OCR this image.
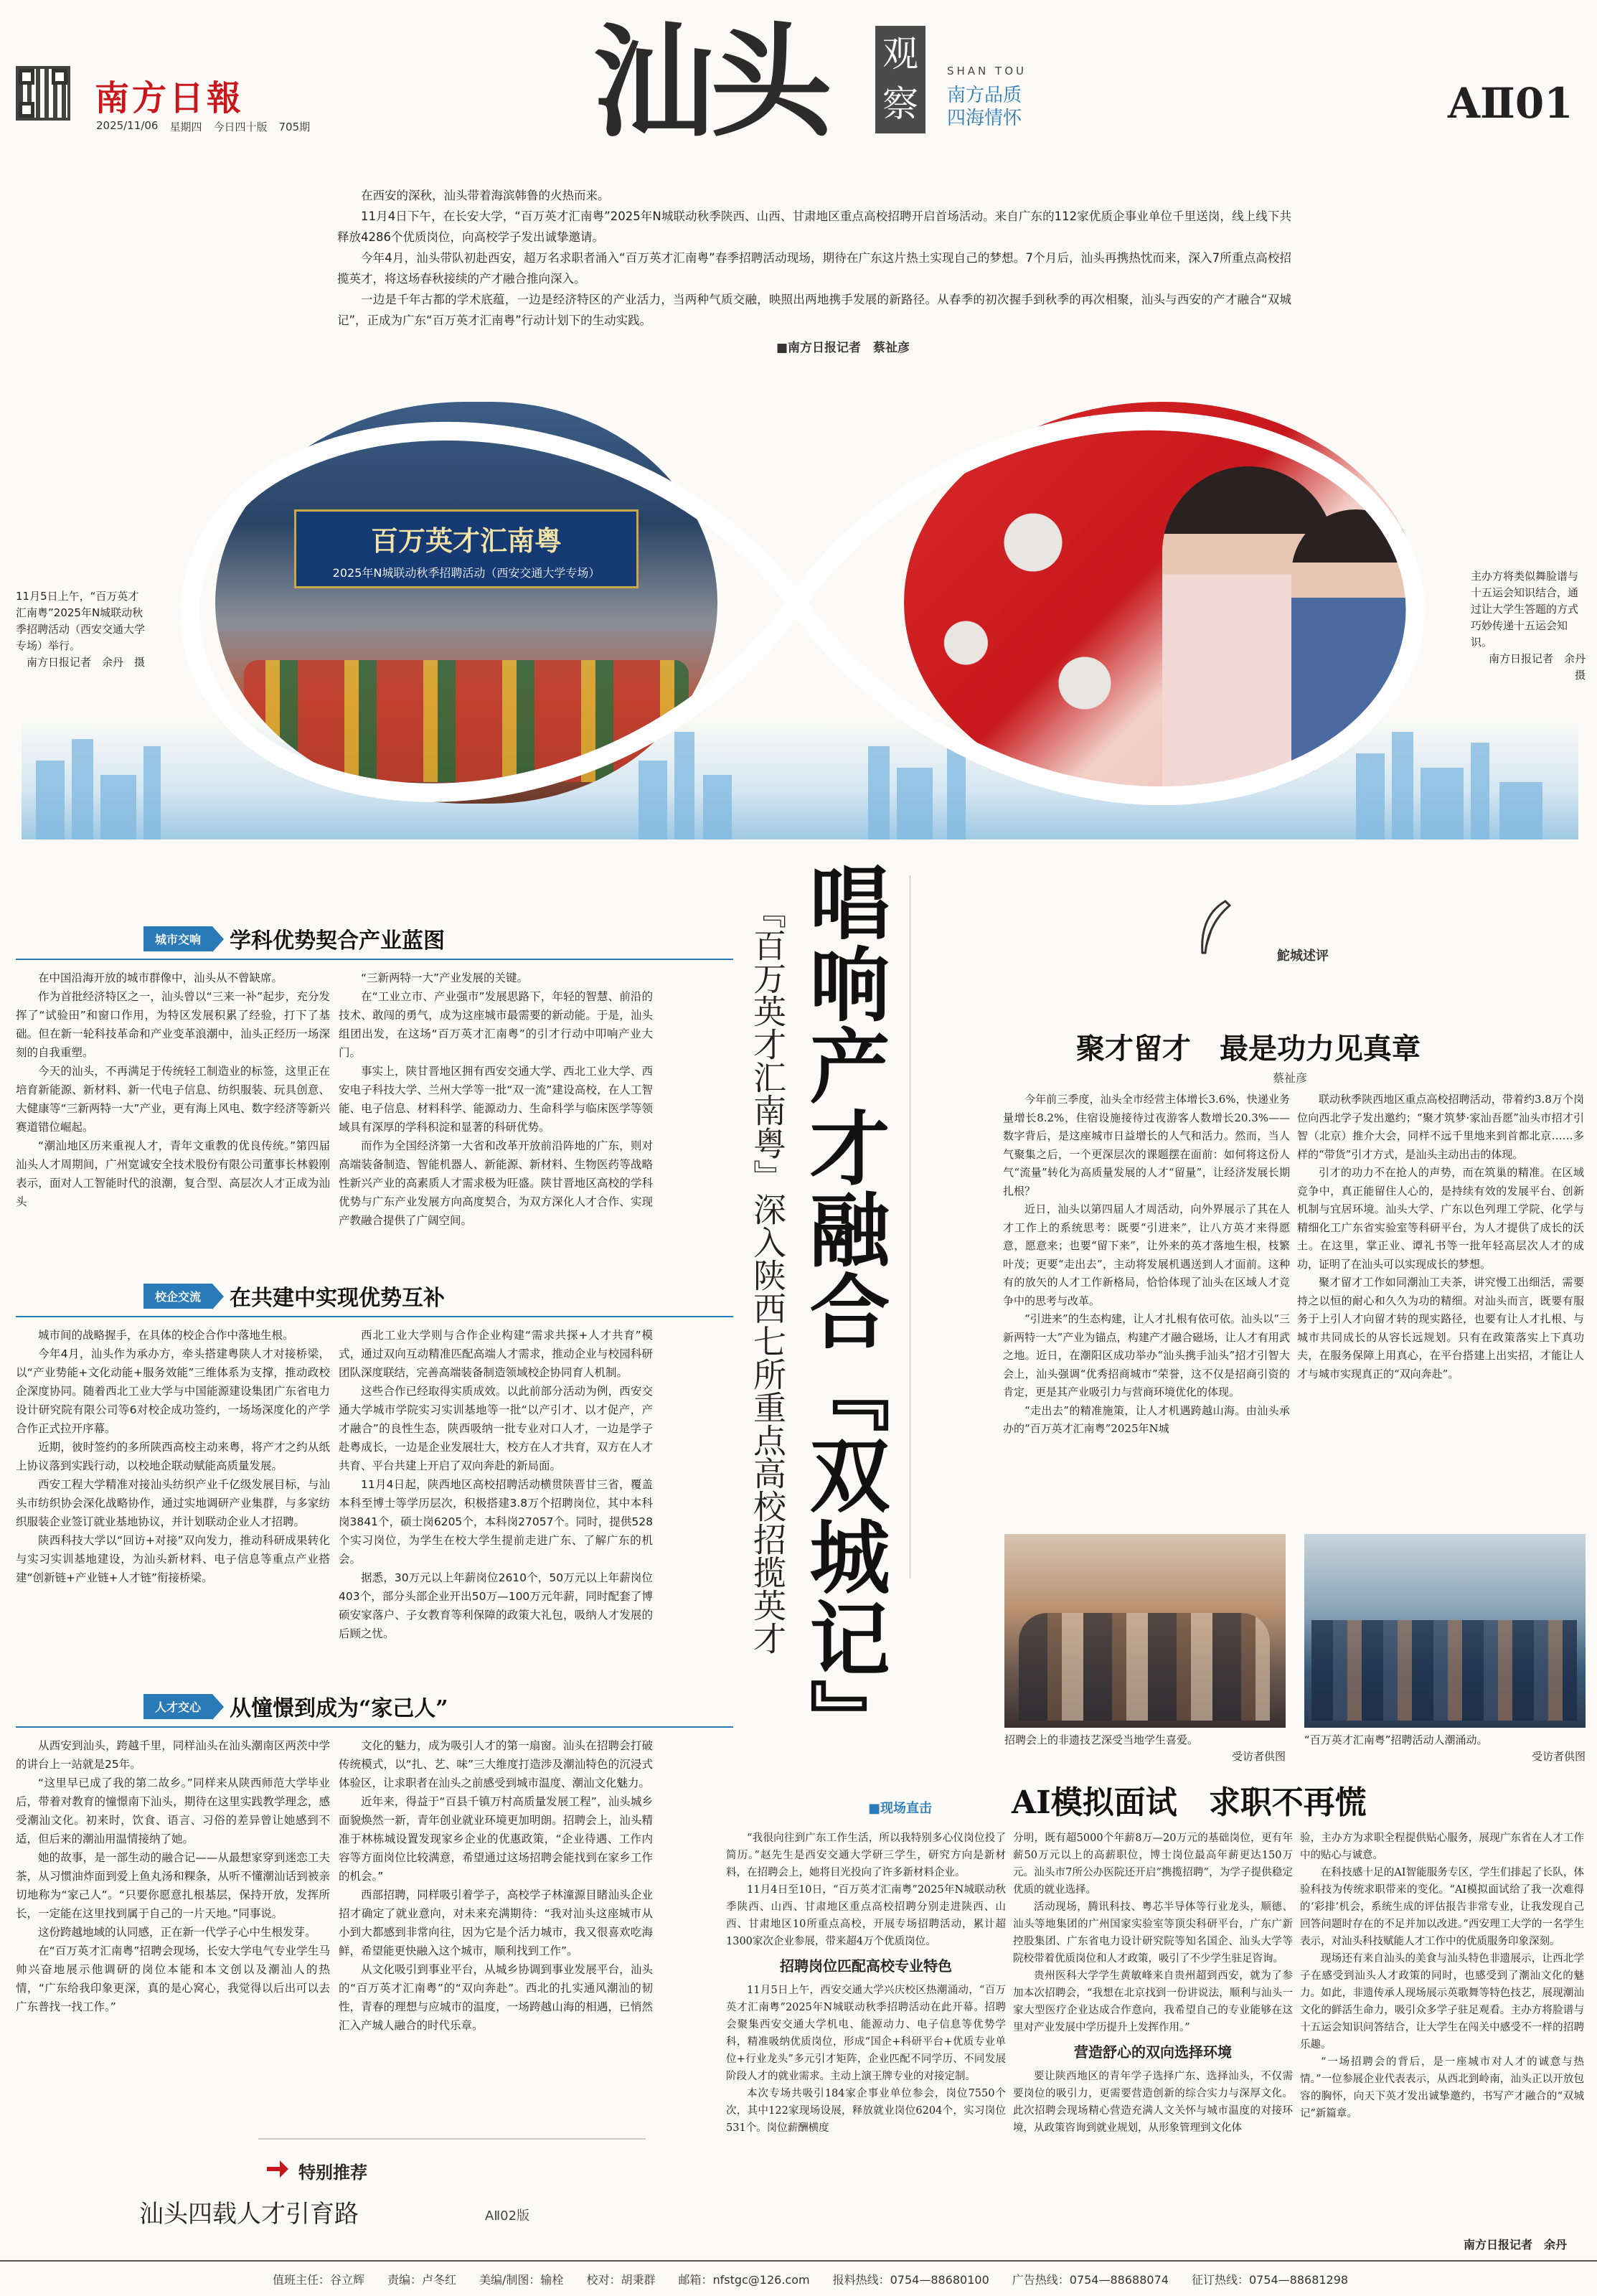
南方日報
2025/11/06 星期四 今日四十版 705期 汕头 观
察
SHAN TOU
南方品质
四海情怀	AⅡ01

在西安的深秋，汕头带着海滨韩鲁的火热而来。

11月4日下午，在长安大学，“百万英才汇南粤”2025年N城联动秋季陕西、山西、甘肃地区重点高校招聘开启首场活动。来自广东的112家优质企事业单位千里送岗，线上线下共释放4286个优质岗位，向高校学子发出诚挚邀请。

今年4月，汕头带队初赴西安，超万名求职者涌入“百万英才汇南粤”春季招聘活动现场，期待在广东这片热土实现自己的梦想。7个月后，汕头再携热忱而来，深入7所重点高校招揽英才，将这场春秋接续的产才融合推向深入。

一边是千年古都的学术底蕴，一边是经济特区的产业活力，当两种气质交融，映照出两地携手发展的新路径。从春季的初次握手到秋季的再次相聚，汕头与西安的产才融合“双城记”，正成为广东“百万英才汇南粤”行动计划下的生动实践。

■南方日报记者　蔡祉彦
百万英才汇南粤
2025年N城联动秋季招聘活动（西安交通大学专场）
11月5日上午，“百万英才汇南粤”2025年N城联动秋季招聘活动（西安交通大学专场）举行。
南方日报记者　余丹　摄
主办方将类似舞脸谱与十五运会知识结合，通过让大学生答题的方式巧妙传递十五运会知识。
南方日报记者　余丹　摄
唱响产才融合『双城记』
『百万英才汇南粤』深入陕西七所重点高校招揽英才
城市交响	学科优势契合产业蓝图

在中国沿海开放的城市群像中，汕头从不曾缺席。

作为首批经济特区之一，汕头曾以“三来一补”起步，充分发挥了“试验田”和窗口作用，为特区发展积累了经验，打下了基础。但在新一轮科技革命和产业变革浪潮中，汕头正经历一场深刻的自我重塑。

今天的汕头，不再满足于传统轻工制造业的标签，这里正在培育新能源、新材料、新一代电子信息、纺织服装、玩具创意、大健康等“三新两特一大”产业，更有海上风电、数字经济等新兴赛道错位崛起。

“潮汕地区历来重视人才，青年文重教的优良传统。”第四届汕头人才周期间，广州宽诚安全技术股份有限公司董事长林毅刚表示，面对人工智能时代的浪潮，复合型、高层次人才正成为汕头

“三新两特一大”产业发展的关键。

在“工业立市、产业强市”发展思路下，年轻的智慧、前沿的技术、敢闯的勇气，成为这座城市最需要的新动能。于是，汕头组团出发，在这场“百万英才汇南粤”的引才行动中叩响产业大门。

事实上，陕甘晋地区拥有西安交通大学、西北工业大学、西安电子科技大学、兰州大学等一批“双一流”建设高校，在人工智能、电子信息、材料科学、能源动力、生命科学与临床医学等领域具有深厚的学科积淀和显著的科研优势。

而作为全国经济第一大省和改革开放前沿阵地的广东，则对高端装备制造、智能机器人、新能源、新材料、生物医药等战略性新兴产业的高素质人才需求极为旺盛。陕甘晋地区高校的学科优势与广东产业发展方向高度契合，为双方深化人才合作、实现产教融合提供了广阔空间。

校企交流	在共建中实现优势互补

城市间的战略握手，在具体的校企合作中落地生根。

今年4月，汕头作为承办方，牵头搭建粤陕人才对接桥梁，以“产业势能+文化动能+服务效能”三维体系为支撑，推动政校企深度协同。随着西北工业大学与中国能源建设集团广东省电力设计研究院有限公司等6对校企成功签约，一场场深度化的产学合作正式拉开序幕。

近期，彼时签约的多所陕西高校主动来粤，将产才之约从纸上协议落到实践行动，以校地企联动赋能高质量发展。

西安工程大学精准对接汕头纺织产业千亿级发展目标，与汕头市纺织协会深化战略协作，通过实地调研产业集群，与多家纺织服装企业签订就业基地协议，并计划联动企业人才招聘。

陕西科技大学以“回访+对接”双向发力，推动科研成果转化与实习实训基地建设，为汕头新材料、电子信息等重点产业搭建“创新链+产业链+人才链”衔接桥梁。

西北工业大学则与合作企业构建“需求共探+人才共育”模式，通过双向互动精准匹配高端人才需求，推动企业与校园科研团队深度联结，完善高端装备制造领域校企协同育人机制。

这些合作已经取得实质成效。以此前部分活动为例，西安交通大学城市学院实习实训基地等一批“以产引才、以才促产，产才融合”的良性生态，陕西吸纳一批专业对口人才，一边是学子赴粤成长，一边是企业发展壮大，校方在人才共育，双方在人才共育、平台共建上开启了双向奔赴的新局面。

11月4日起，陕西地区高校招聘活动横贯陕晋甘三省，覆盖本科至博士等学历层次，积极搭建3.8万个招聘岗位，其中本科岗3841个，硕士岗6205个，本科岗27057个。同时，提供528个实习岗位，为学生在校大学生提前走进广东、了解广东的机会。

据悉，30万元以上年薪岗位2610个，50万元以上年薪岗位403个，部分头部企业开出50万—100万元年薪，同时配套了博硕安家落户、子女教育等利保障的政策大礼包，吸纳人才发展的后顾之忧。

人才交心	从憧憬到成为“家己人”

从西安到汕头，跨越千里，同样汕头在汕头潮南区两茨中学的讲台上一站就是25年。

“这里早已成了我的第二故乡。”同样来从陕西师范大学毕业后，带着对教育的憧憬南下汕头，期待在这里实践教学理念，感受潮汕文化。初来时，饮食、语言、习俗的差异曾让她感到不适，但后来的潮汕用温情接纳了她。

她的故事，是一部生动的融合记——从最想家穿到迷恋工夫茶，从习惯油炸面到爱上鱼丸汤和粿条，从听不懂潮汕话到被亲切地称为“家己人”。“只要你愿意扎根基层，保持开放，发挥所长，一定能在这里找到属于自己的一片天地。”同事说。

这份跨越地域的认同感，正在新一代学子心中生根发芽。

在“百万英才汇南粤”招聘会现场，长安大学电气专业学生马帅兴奋地展示他调研的岗位本能和本文创以及潮汕人的热情，“广东给我印象更深，真的是心窝心，我觉得以后出可以去广东普找一找工作。”

文化的魅力，成为吸引人才的第一扇窗。汕头在招聘会打破传统模式，以“扎、艺、味”三大维度打造涉及潮汕特色的沉浸式体验区，让求职者在汕头之前感受到城市温度、潮汕文化魅力。

近年来，得益于“百县千镇万村高质量发展工程”，汕头城乡面貌焕然一新，青年创业就业环境更加明朗。招聘会上，汕头精准于林栋城设置发现家乡企业的优惠政策，“企业待遇、工作内容等方面岗位比较满意，希望通过这场招聘会能找到在家乡工作的机会。”

西部招聘，同样吸引着学子，高校学子林潼源目睹汕头企业招才确定了就业意向，对未来充满期待：“我对汕头这座城市从小到大都感到非常向往，因为它是个活力城市，我又很喜欢吃海鲜，希望能更快融入这个城市，顺利找到工作”。

从文化吸引到事业平台，从城乡协调到事业发展平台，汕头的“百万英才汇南粤”的“双向奔赴”。西北的扎实通风潮汕的韧性，青春的理想与应城市的温度，一场跨越山海的相遇，已悄然汇入产城人融合的时代乐章。

特别推荐
汕头四载人才引育路	AⅡ02版
鮀城述评
聚才留才　最是功力见真章
蔡祉彦

今年前三季度，汕头全市经营主体增长3.6%，快递业务量增长8.2%，住宿设施接待过夜游客人数增长20.3%——数字背后，是这座城市日益增长的人气和活力。然而，当人气聚集之后，一个更深层次的课题摆在面前：如何将这份人气“流量”转化为高质量发展的人才“留量”，让经济发展长期扎根？

近日，汕头以第四届人才周活动，向外界展示了其在人才工作上的系统思考：既要“引进来”，让八方英才来得愿意，愿意来；也要“留下来”，让外来的英才落地生根，枝繁叶茂；更要“走出去”，主动将发展机遇送到人才面前。这种有的放矢的人才工作新格局，恰恰体现了汕头在区域人才竞争中的思考与改革。

“引进来”的生态构建，让人才扎根有依可依。汕头以“三新两特一大”产业为锚点，构建产才融合磁场，让人才有用武之地。近日，在潮阳区成功举办“汕头携手汕头”招才引智大会上，汕头强调“优秀招商城市”荣誉，这不仅是招商引资的肯定，更是其产业吸引力与营商环境优化的体现。

“走出去”的精准施策，让人才机遇跨越山海。由汕头承办的“百万英才汇南粤”2025年N城

联动秋季陕西地区重点高校招聘活动，带着约3.8万个岗位向西北学子发出邀约；“聚才筑梦·家汕吾愿”汕头市招才引智（北京）推介大会，同样不远千里地来到首都北京……多样的“带货”引才方式，是汕头主动出击的体现。

引才的功力不在抢人的声势，而在筑巢的精准。在区域竞争中，真正能留住人心的，是持续有效的发展平台、创新机制与宜居环境。汕头大学、广东以色列理工学院、化学与精细化工广东省实验室等科研平台，为人才提供了成长的沃土。在这里，掌正业、谭礼书等一批年轻高层次人才的成功，证明了在汕头可以实现成长的梦想。

聚才留才工作如同潮汕工夫茶，讲究慢工出细活，需要持之以恒的耐心和久久为功的精细。对汕头而言，既要有服务于上引人才向留才转的现实路径，也要有让人才扎根、与城市共同成长的从容长远规划。只有在政策落实上下真功夫，在服务保障上用真心，在平台搭建上出实招，才能让人才与城市实现真正的“双向奔赴”。

招聘会上的非遗技艺深受当地学生喜爱。
受访者供图
“百万英才汇南粤”招聘活动人潮涌动。
受访者供图
■现场直击	AI模拟面试　求职不再慌

“我很向往到广东工作生活，所以我特别多心仪岗位投了简历。”赵先生是西安交通大学研三学生，研究方向是新材料，在招聘会上，她将目光投向了许多新材料企业。

11月4日至10日，“百万英才汇南粤”2025年N城联动秋季陕西、山西、甘肃地区重点高校招聘分别走进陕西、山西、甘肃地区10所重点高校，开展专场招聘活动，累计超1300家次企业参展，带来超4万个优质岗位。

招聘岗位匹配高校专业特色

11月5日上午，西安交通大学兴庆校区热潮涌动，“百万英才汇南粤”2025年N城联动秋季招聘活动在此开幕。招聘会聚集西安交通大学机电、能源动力、电子信息等优势学科，精准吸纳优质岗位，形成“国企+科研平台+优质专业单位+行业龙头”多元引才矩阵，企业匹配不同学历、不同发展阶段人才的就业需求。主动上演王牌专业的对接定制。

本次专场共吸引184家企事业单位参会，岗位7550个次，其中122家现场设展，释放就业岗位6204个，实习岗位531个。岗位薪酬横度

分明，既有超5000个年薪8万—20万元的基础岗位，更有年薪50万元以上的高薪职位，博士岗位最高年薪更达150万元。汕头市7所公办医院还开启“携揽招聘”，为学子提供稳定优质的就业选择。

活动现场，腾讯科技、粤芯半导体等行业龙头，顺德、汕头等地集团的广州国家实验室等顶尖科研平台，广东广新控股集团、广东省电力设计研究院等知名国企、汕头大学等院校带着优质岗位和人才政策，吸引了不少学生驻足咨询。

贵州医科大学学生黄敏峰来自贵州超到西安，就为了参加本次招聘会，“我想在北京找到一份讲说法，顺利与汕头一家大型医疗企业达成合作意向，我希望自己的专业能够在这里对产业发展中学历提升上发挥作用。”

营造舒心的双向选择环境

要让陕西地区的青年学子选择广东、选择汕头，不仅需要岗位的吸引力，更需要营造创新的综合实力与深厚文化。此次招聘会现场精心营造充满人文关怀与城市温度的对接环境，从政策咨询到就业规划，从形象管理到文化体

验，主办方为求职全程提供贴心服务，展现广东省在人才工作中的贴心与诚意。

在科技感十足的AI智能服务专区，学生们排起了长队，体验科技为传统求职带来的变化。“AI模拟面试给了我一次难得的‘彩排’机会，系统生成的评估报告非常专业，让我发现自己回答问题时存在的不足并加以改进。”西安理工大学的一名学生表示，对汕头科技赋能人才工作中的优质服务印象深刻。

现场还有来自汕头的美食与汕头特色非遗展示，让西北学子在感受到汕头人才政策的同时，也感受到了潮汕文化的魅力。如此，非遗传承人现场展示英歌舞等特色技艺，展现潮汕文化的鲜活生命力，吸引众多学子驻足观看。主办方将脸谱与十五运会知识问答结合，让大学生在闯关中感受不一样的招聘乐趣。

“一场招聘会的背后，是一座城市对人才的诚意与热情。”一位参展企业代表表示，从西北到岭南，汕头正以开放包容的胸怀，向天下英才发出诚挚邀约，书写产才融合的“双城记”新篇章。

南方日报记者　余丹
值班主任：谷立辉 责编：卢冬红 美编/制图：输栓 校对：胡秉群 邮箱：nfstgc@126.com 报料热线：0754—88680100 广告热线：0754—88688074 征订热线：0754—88681298
